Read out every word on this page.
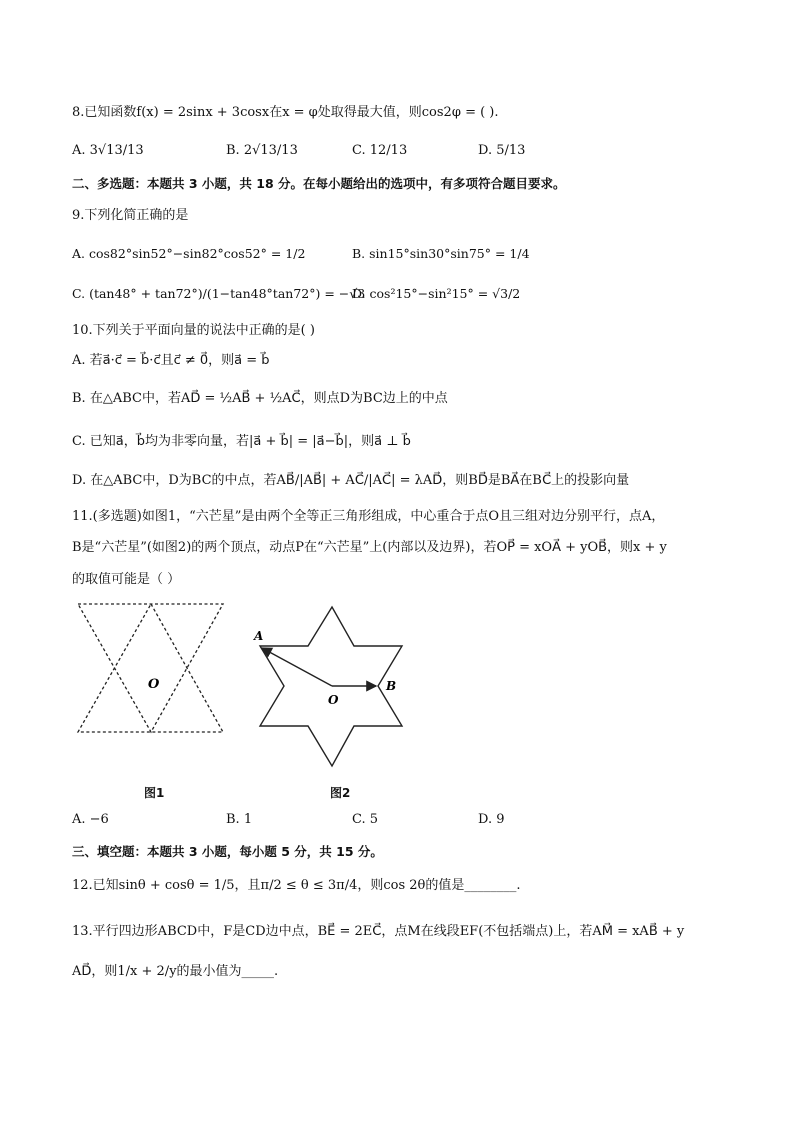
8.已知函数f(x) = 2sinx + 3cosx在x = φ处取得最大值，则cos2φ = ( ).
A. 3√13/13	B. 2√13/13	C. 12/13	D. 5/13
二、多选题：本题共 3 小题，共 18 分。在每小题给出的选项中，有多项符合题目要求。
9.下列化简正确的是
A. cos82°sin52°−sin82°cos52° = 1/2	B. sin15°sin30°sin75° = 1/4
C. (tan48° + tan72°)/(1−tan48°tan72°) = −√3
D. cos²15°−sin²15° = √3/2
10.下列关于平面向量的说法中正确的是( )
A. 若a⃗·c⃗ = b⃗·c⃗且c⃗ ≠ 0⃗，则a⃗ = b⃗
B. 在△ABC中，若AD⃗ = ½AB⃗ + ½AC⃗，则点D为BC边上的中点
C. 已知a⃗，b⃗均为非零向量，若|a⃗ + b⃗| = |a⃗−b⃗|，则a⃗ ⊥ b⃗
D. 在△ABC中，D为BC的中点，若AB⃗/|AB⃗| + AC⃗/|AC⃗| = λAD⃗，则BD⃗是BA⃗在BC⃗上的投影向量
11.(多选题)如图1，“六芒星”是由两个全等正三角形组成，中心重合于点O且三组对边分别平行，点A，
B是“六芒星”(如图2)的两个顶点，动点P在“六芒星”上(内部以及边界)，若OP⃗ = xOA⃗ + yOB⃗，则x + y
的取值可能是（ ）
O
图1
A
O
B
图2
A. −6	B. 1	C. 5	D. 9
三、填空题：本题共 3 小题，每小题 5 分，共 15 分。
12.已知sinθ + cosθ = 1/5，且π/2 ≤ θ ≤ 3π/4，则cos 2θ的值是________.
13.平行四边形ABCD中，F是CD边中点，BE⃗ = 2EC⃗，点M在线段EF(不包括端点)上，若AM⃗ = xAB⃗ + y
AD⃗，则1/x + 2/y的最小值为_____.
